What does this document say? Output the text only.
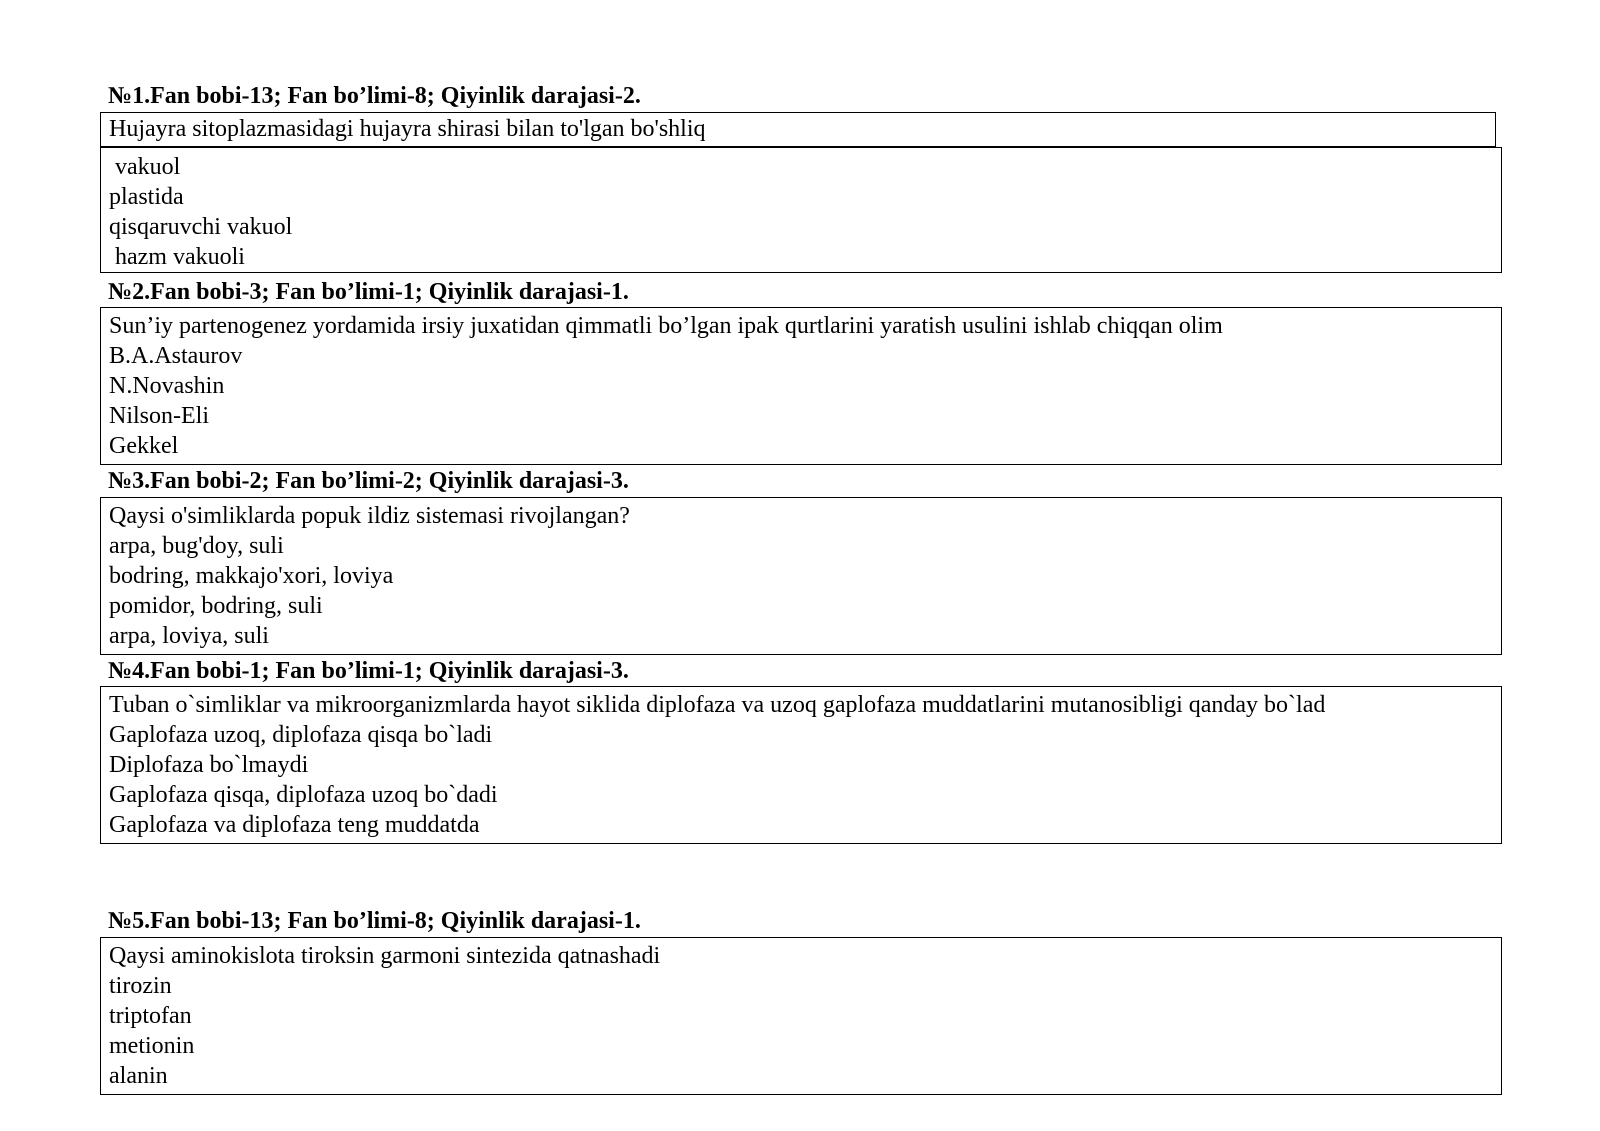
№1.Fan bobi-13; Fan bo’limi-8; Qiyinlik darajasi-2.
Hujayra sitoplazmasidagi hujayra shirasi bilan to'lgan bo'shliq
vakuol
plastida
qisqaruvchi vakuol
hazm vakuoli
№2.Fan bobi-3; Fan bo’limi-1; Qiyinlik darajasi-1.
Sun’iy partenogenez yordamida irsiy juxatidan qimmatli bo’lgan ipak qurtlarini yaratish usulini ishlab chiqqan olim
B.A.Astaurov
N.Novashin
Nilson-Eli
Gekkel
№3.Fan bobi-2; Fan bo’limi-2; Qiyinlik darajasi-3.
Qaysi o'simliklarda popuk ildiz sistemasi rivojlangan?
arpa, bug'doy, suli
bodring, makkajo'xori, loviya
pomidor, bodring, suli
arpa, loviya, suli
№4.Fan bobi-1; Fan bo’limi-1; Qiyinlik darajasi-3.
Tuban o`simliklar va mikroorganizmlarda hayot siklida diplofaza va uzoq gaplofaza muddatlarini mutanosibligi qanday bo`lad
Gaplofaza uzoq, diplofaza qisqa bo`ladi
Diplofaza bo`lmaydi
Gaplofaza qisqa, diplofaza uzoq bo`dadi
Gaplofaza va diplofaza teng muddatda
№5.Fan bobi-13; Fan bo’limi-8; Qiyinlik darajasi-1.
Qaysi aminokislota tiroksin garmoni sintezida qatnashadi
tirozin
triptofan
metionin
alanin
